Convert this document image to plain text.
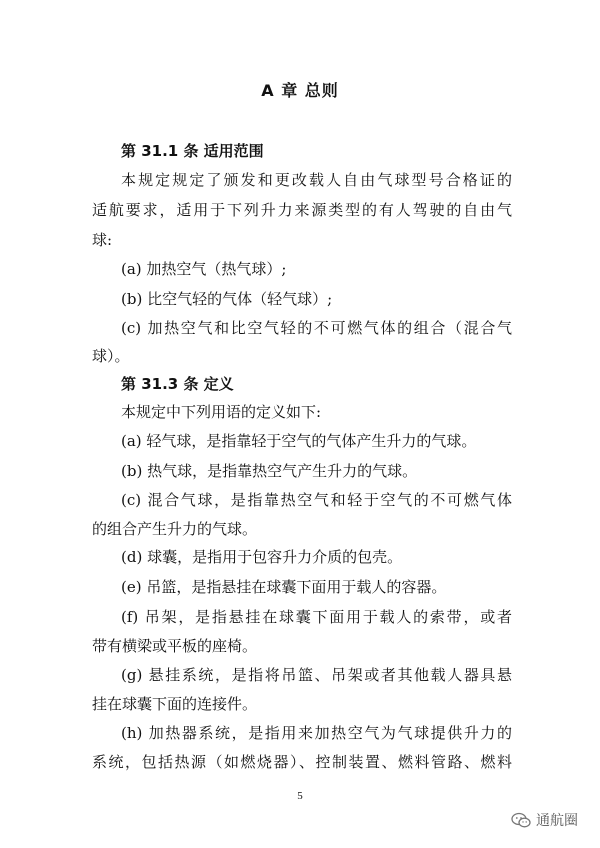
A 章 总则
第 31.1 条 适用范围
本规定规定了颁发和更改载人自由气球型号合格证的
适航要求，适用于下列升力来源类型的有人驾驶的自由气
球:
(a) 加热空气（热气球）;
(b) 比空气轻的气体（轻气球）;
(c) 加热空气和比空气轻的不可燃气体的组合（混合气
球）。
第 31.3 条 定义
本规定中下列用语的定义如下:
(a) 轻气球，是指靠轻于空气的气体产生升力的气球。
(b) 热气球，是指靠热空气产生升力的气球。
(c) 混合气球，是指靠热空气和轻于空气的不可燃气体
的组合产生升力的气球。
(d) 球囊，是指用于包容升力介质的包壳。
(e) 吊篮，是指悬挂在球囊下面用于载人的容器。
(f) 吊架，是指悬挂在球囊下面用于载人的索带，或者
带有横梁或平板的座椅。
(g) 悬挂系统，是指将吊篮、吊架或者其他载人器具悬
挂在球囊下面的连接件。
(h) 加热器系统，是指用来加热空气为气球提供升力的
系统，包括热源（如燃烧器）、控制装置、燃料管路、燃料
5
通航圈
